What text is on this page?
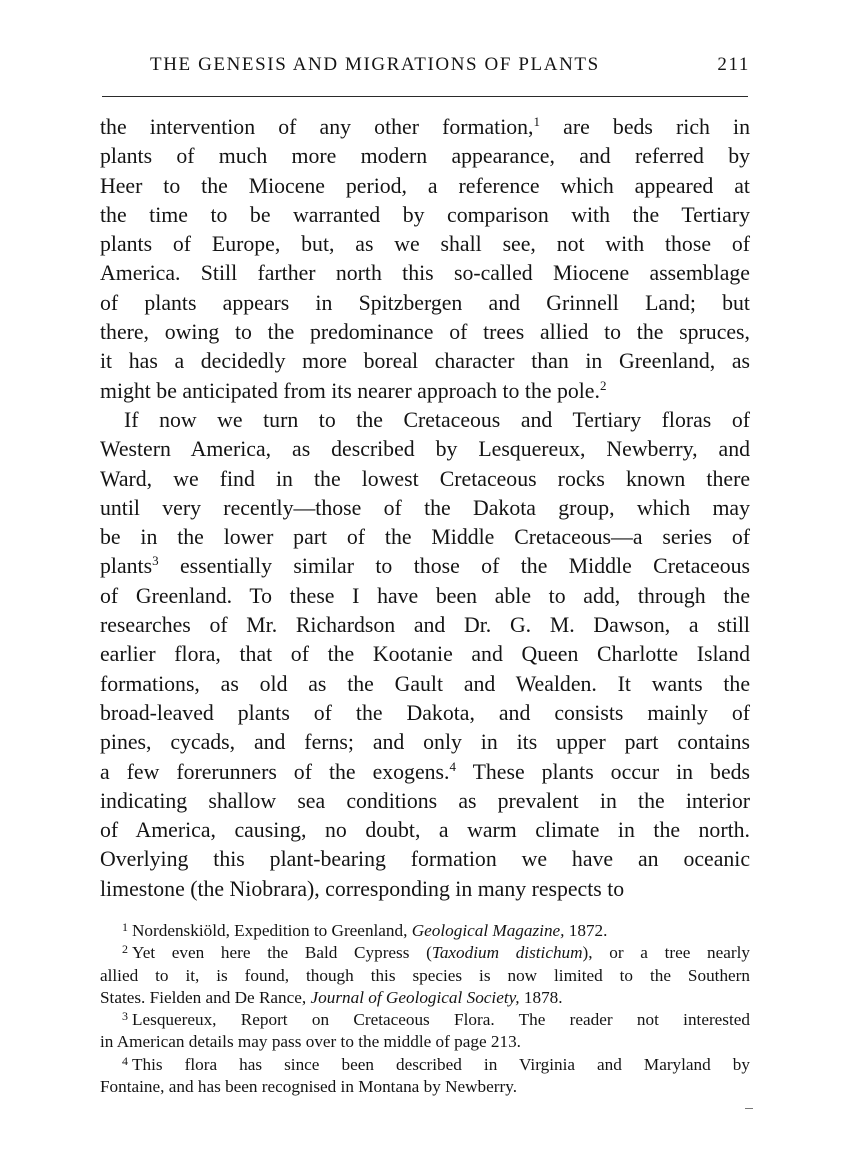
THE GENESIS AND MIGRATIONS OF PLANTS	211
the intervention of any other formation,$^1$ are beds rich in
plants of much more modern appearance, and referred by
Heer to the Miocene period, a reference which appeared at
the time to be warranted by comparison with the Tertiary
plants of Europe, but, as we shall see, not with those of
America. Still farther north this so-called Miocene assemblage
of plants appears in Spitzbergen and Grinnell Land; but
there, owing to the predominance of trees allied to the spruces,
it has a decidedly more boreal character than in Greenland, as
might be anticipated from its nearer approach to the pole.$^2$
If now we turn to the Cretaceous and Tertiary floras of
Western America, as described by Lesquereux, Newberry, and
Ward, we find in the lowest Cretaceous rocks known there
until very recently—those of the Dakota group, which may
be in the lower part of the Middle Cretaceous—a series of
plants$^3$ essentially similar to those of the Middle Cretaceous
of Greenland. To these I have been able to add, through the
researches of Mr. Richardson and Dr. G. M. Dawson, a still
earlier flora, that of the Kootanie and Queen Charlotte Island
formations, as old as the Gault and Wealden. It wants the
broad-leaved plants of the Dakota, and consists mainly of
pines, cycads, and ferns; and only in its upper part contains
a few forerunners of the exogens.$^4$ These plants occur in beds
indicating shallow sea conditions as prevalent in the interior
of America, causing, no doubt, a warm climate in the north.
Overlying this plant-bearing formation we have an oceanic
limestone (the Niobrara), corresponding in many respects to
$^1$ Nordenskiöld, Expedition to Greenland, Geological Magazine, 1872.
$^2$ Yet even here the Bald Cypress (Taxodium distichum), or a tree nearly
allied to it, is found, though this species is now limited to the Southern
States. Fielden and De Rance, Journal of Geological Society, 1878.
$^3$ Lesquereux, Report on Cretaceous Flora. The reader not interested
in American details may pass over to the middle of page 213.
$^4$ This flora has since been described in Virginia and Maryland by
Fontaine, and has been recognised in Montana by Newberry.
